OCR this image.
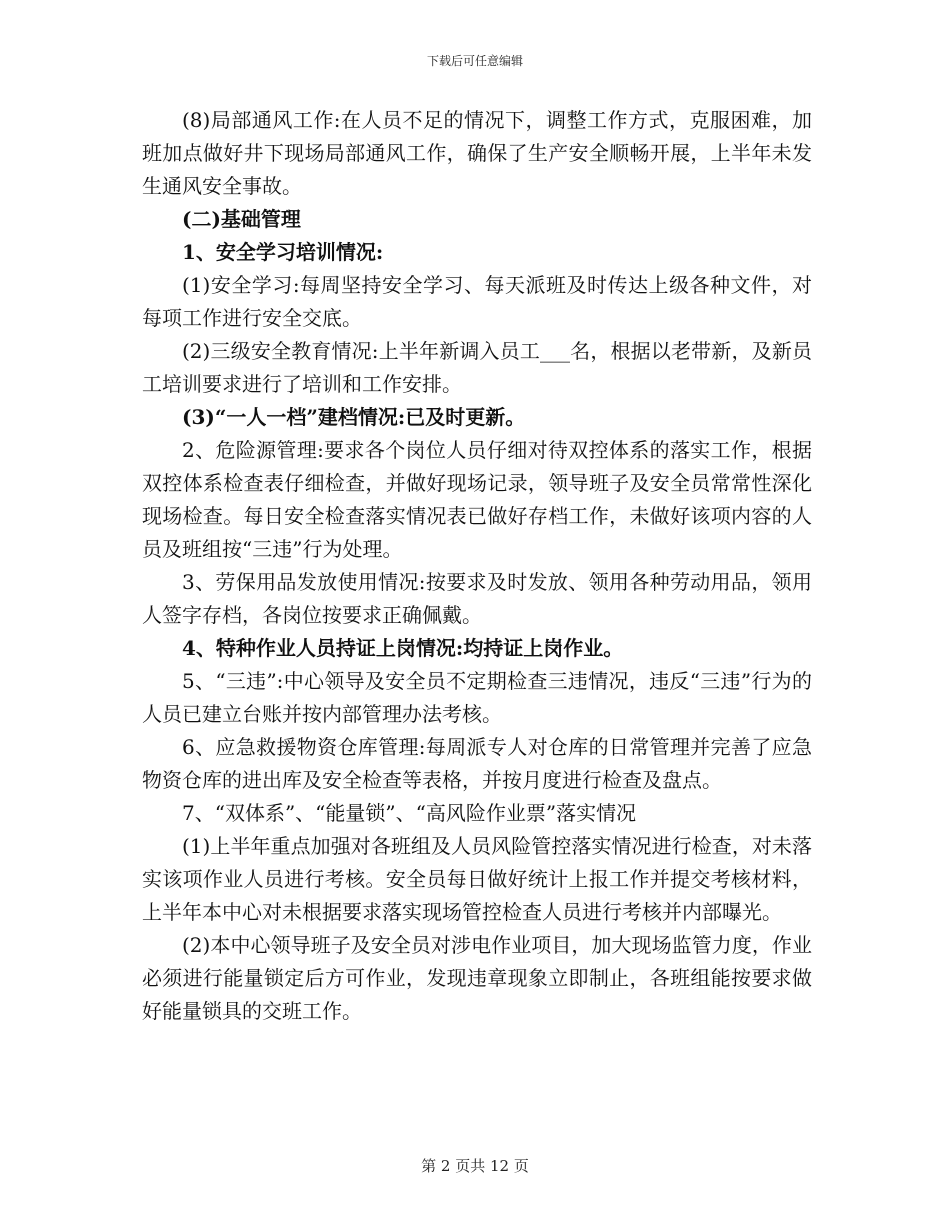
下载后可任意编辑

(8)局部通风工作:在人员不足的情况下，调整工作方式，克服困难，加班加点做好井下现场局部通风工作，确保了生产安全顺畅开展，上半年未发生通风安全事故。

(二)基础管理

1、安全学习培训情况:

(1)安全学习:每周坚持安全学习、每天派班及时传达上级各种文件，对每项工作进行安全交底。

(2)三级安全教育情况:上半年新调入员工___名，根据以老带新，及新员工培训要求进行了培训和工作安排。

(3)“一人一档”建档情况:已及时更新。

2、危险源管理:要求各个岗位人员仔细对待双控体系的落实工作，根据双控体系检查表仔细检查，并做好现场记录，领导班子及安全员常常性深化现场检查。每日安全检查落实情况表已做好存档工作，未做好该项内容的人员及班组按“三违”行为处理。

3、劳保用品发放使用情况:按要求及时发放、领用各种劳动用品，领用人签字存档，各岗位按要求正确佩戴。

4、特种作业人员持证上岗情况:均持证上岗作业。

5、“三违”:中心领导及安全员不定期检查三违情况，违反“三违”行为的人员已建立台账并按内部管理办法考核。

6、应急救援物资仓库管理:每周派专人对仓库的日常管理并完善了应急物资仓库的进出库及安全检查等表格，并按月度进行检查及盘点。

7、“双体系”、“能量锁”、“高风险作业票”落实情况

(1)上半年重点加强对各班组及人员风险管控落实情况进行检查，对未落实该项作业人员进行考核。安全员每日做好统计上报工作并提交考核材料，上半年本中心对未根据要求落实现场管控检查人员进行考核并内部曝光。

(2)本中心领导班子及安全员对涉电作业项目，加大现场监管力度，作业必须进行能量锁定后方可作业，发现违章现象立即制止，各班组能按要求做好能量锁具的交班工作。

第 2 页共 12 页
